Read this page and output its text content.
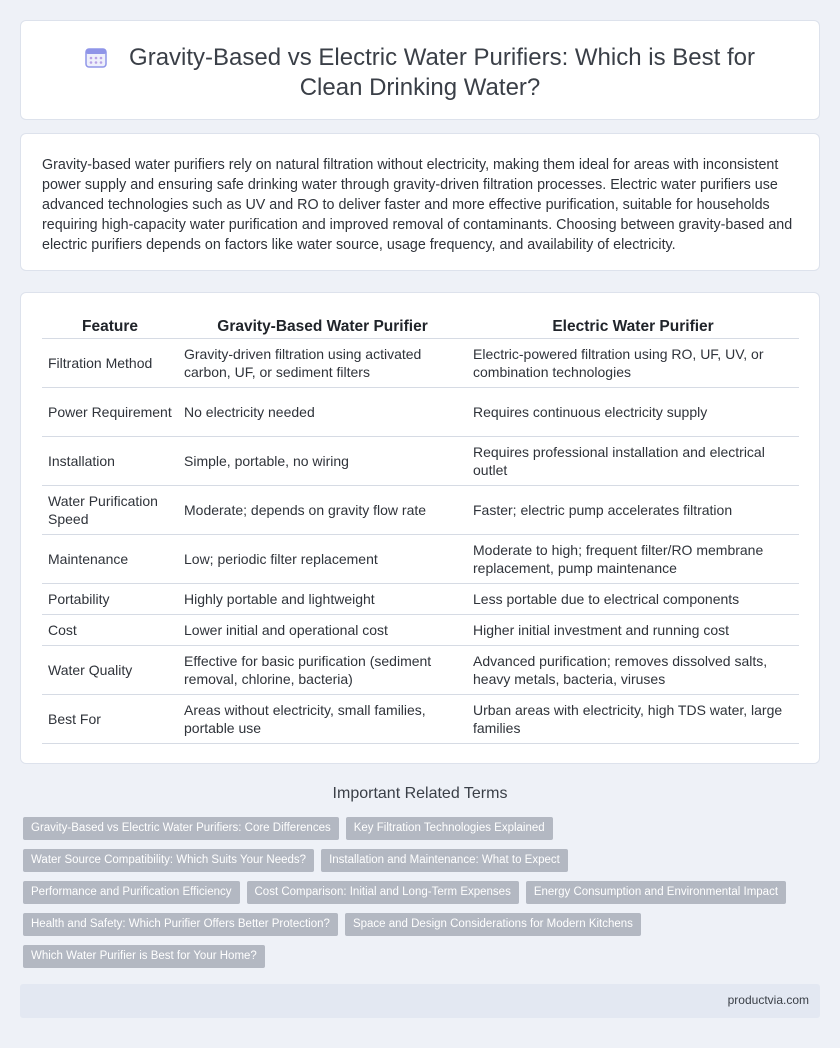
Gravity-Based vs Electric Water Purifiers: Which is Best for Clean Drinking Water?

Gravity-based water purifiers rely on natural filtration without electricity, making them ideal for areas with inconsistent power supply and ensuring safe drinking water through gravity-driven filtration processes. Electric water purifiers use advanced technologies such as UV and RO to deliver faster and more effective purification, suitable for households requiring high-capacity water purification and improved removal of contaminants. Choosing between gravity-based and electric purifiers depends on factors like water source, usage frequency, and availability of electricity.

Feature	Gravity-Based Water Purifier	Electric Water Purifier
Filtration Method	Gravity-driven filtration using activated carbon, UF, or sediment filters	Electric-powered filtration using RO, UF, UV, or combination technologies
Power Requirement	No electricity needed	Requires continuous electricity supply
Installation	Simple, portable, no wiring	Requires professional installation and electrical outlet
Water Purification Speed	Moderate; depends on gravity flow rate	Faster; electric pump accelerates filtration
Maintenance	Low; periodic filter replacement	Moderate to high; frequent filter/RO membrane replacement, pump maintenance
Portability	Highly portable and lightweight	Less portable due to electrical components
Cost	Lower initial and operational cost	Higher initial investment and running cost
Water Quality	Effective for basic purification (sediment removal, chlorine, bacteria)	Advanced purification; removes dissolved salts, heavy metals, bacteria, viruses
Best For	Areas without electricity, small families, portable use	Urban areas with electricity, high TDS water, large families
Important Related Terms
Gravity-Based vs Electric Water Purifiers: Core Differences	Key Filtration Technologies Explained
Water Source Compatibility: Which Suits Your Needs?	Installation and Maintenance: What to Expect
Performance and Purification Efficiency	Cost Comparison: Initial and Long-Term Expenses	Energy Consumption and Environmental Impact
Health and Safety: Which Purifier Offers Better Protection?	Space and Design Considerations for Modern Kitchens
Which Water Purifier is Best for Your Home?
productvia.com
